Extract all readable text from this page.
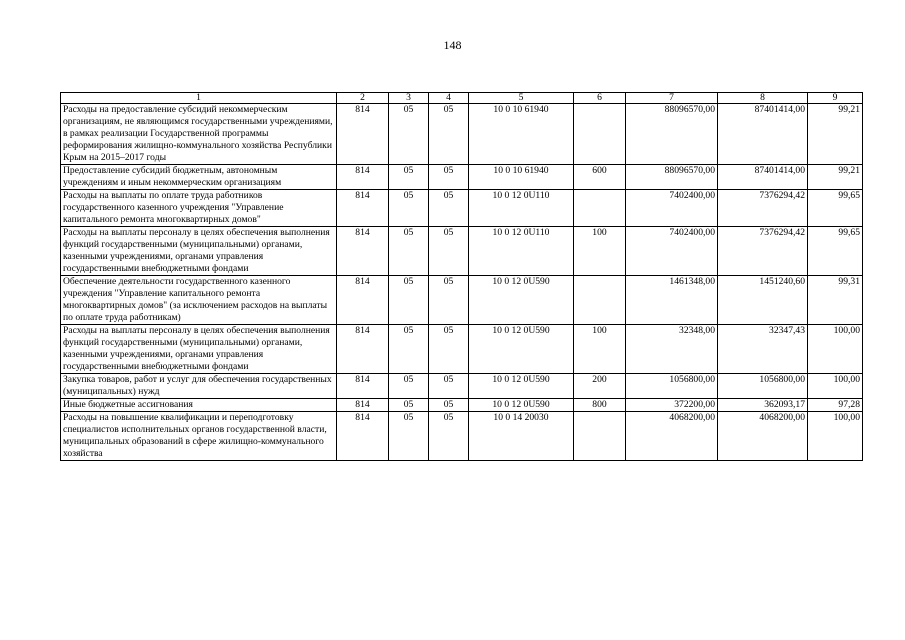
148
1	2	3	4	5	6	7	8	9
Расходы на предоставление субсидий некоммерческим организациям, не являющимся государственными учреждениями, в рамках реализации Государственной программы реформирования жилищно-коммунального хозяйства Республики Крым на 2015–2017 годы	814	05	05	10 0 10 61940		88096570,00	87401414,00	99,21
Предоставление субсидий бюджетным, автономным учреждениям и иным некоммерческим организациям	814	05	05	10 0 10 61940	600	88096570,00	87401414,00	99,21
Расходы на выплаты по оплате труда работников государственного казенного учреждения "Управление капитального ремонта многоквартирных домов"	814	05	05	10 0 12 0U110		7402400,00	7376294,42	99,65
Расходы на выплаты персоналу в целях обеспечения выполнения функций государственными (муниципальными) органами, казенными учреждениями, органами управления государственными внебюджетными фондами	814	05	05	10 0 12 0U110	100	7402400,00	7376294,42	99,65
Обеспечение деятельности государственного казенного учреждения "Управление капитального ремонта многоквартирных домов" (за исключением расходов на выплаты по оплате труда работникам)	814	05	05	10 0 12 0U590		1461348,00	1451240,60	99,31
Расходы на выплаты персоналу в целях обеспечения выполнения функций государственными (муниципальными) органами, казенными учреждениями, органами управления государственными внебюджетными фондами	814	05	05	10 0 12 0U590	100	32348,00	32347,43	100,00
Закупка товаров, работ и услуг для обеспечения государственных (муниципальных) нужд	814	05	05	10 0 12 0U590	200	1056800,00	1056800,00	100,00
Иные бюджетные ассигнования	814	05	05	10 0 12 0U590	800	372200,00	362093,17	97,28
Расходы на повышение квалификации и переподготовку специалистов исполнительных органов государственной власти, муниципальных образований в сфере жилищно-коммунального хозяйства	814	05	05	10 0 14 20030		4068200,00	4068200,00	100,00
